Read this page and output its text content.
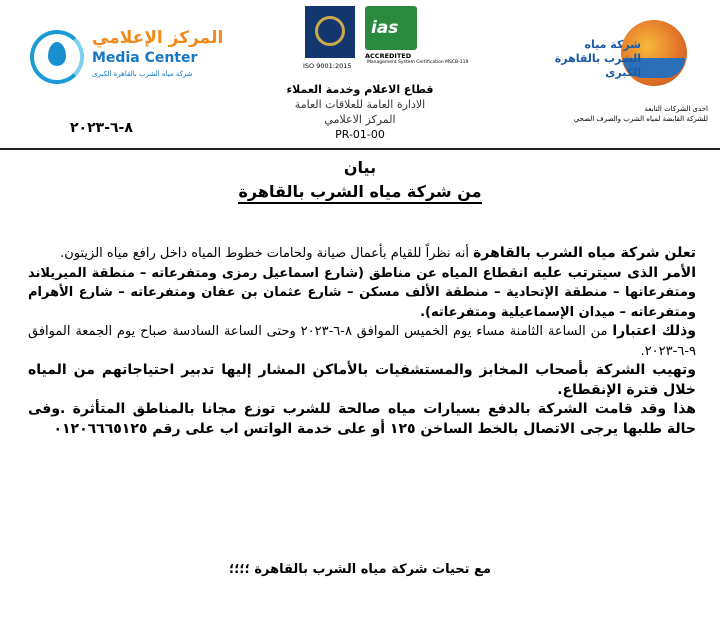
المركز الإعلامي
Media Center
شركة مياه الشرب بالقاهرة الكبرى
ISO 9001:2015
ias
ACCREDITED
Management System Certification MSCB-119
قطاع الاعلام وخدمة العملاء
الادارة العامة للعلاقات العامة
المركز الاعلامي
PR-01-00
شركة مياه الشرب بالقاهرة الكبرى
احدى الشركات التابعة
للشركة القابضة لمياه الشرب والصرف الصحي
٨-٦-٢٠٢٣
بيان
من شركة مياه الشرب بالقاهرة

تعلن شركة مياه الشرب بالقاهرة أنه نظراً للقيام بأعمال صيانة ولحامات خطوط المياه داخل رافع مياه الزيتون.

الأمر الذى سيترتب عليه انقطاع المياه عن مناطق (شارع اسماعيل رمزى ومتفرعاته – منطقة الميريلاند ومتفرعاتها – منطقة الإتحادية – منطقة الألف مسكن – شارع عثمان بن عفان ومتفرعاته – شارع الأهرام ومتفرعاته – ميدان الإسماعيلية ومتفرعاته).

وذلك اعتبارا من الساعة الثامنة مساء يوم الخميس الموافق ٨-٦-٢٠٢٣ وحتى الساعة السادسة صباح يوم الجمعة الموافق ٩-٦-٢٠٢٣.

وتهيب الشركة بأصحاب المخابز والمستشفيات بالأماكن المشار إليها تدبير احتياجاتهم من المياه خلال فترة الإنقطاع.

هذا وقد قامت الشركة بالدفع بسيارات مياه صالحة للشرب توزع مجانا بالمناطق المتأثرة .وفى حالة طلبها يرجى الاتصال بالخط الساخن ١٢٥ أو على خدمة الواتس اب على رقم ٠١٢٠٦٦٦٥١٢٥

مع تحيات شركة مياه الشرب بالقاهرة ؛؛؛؛
